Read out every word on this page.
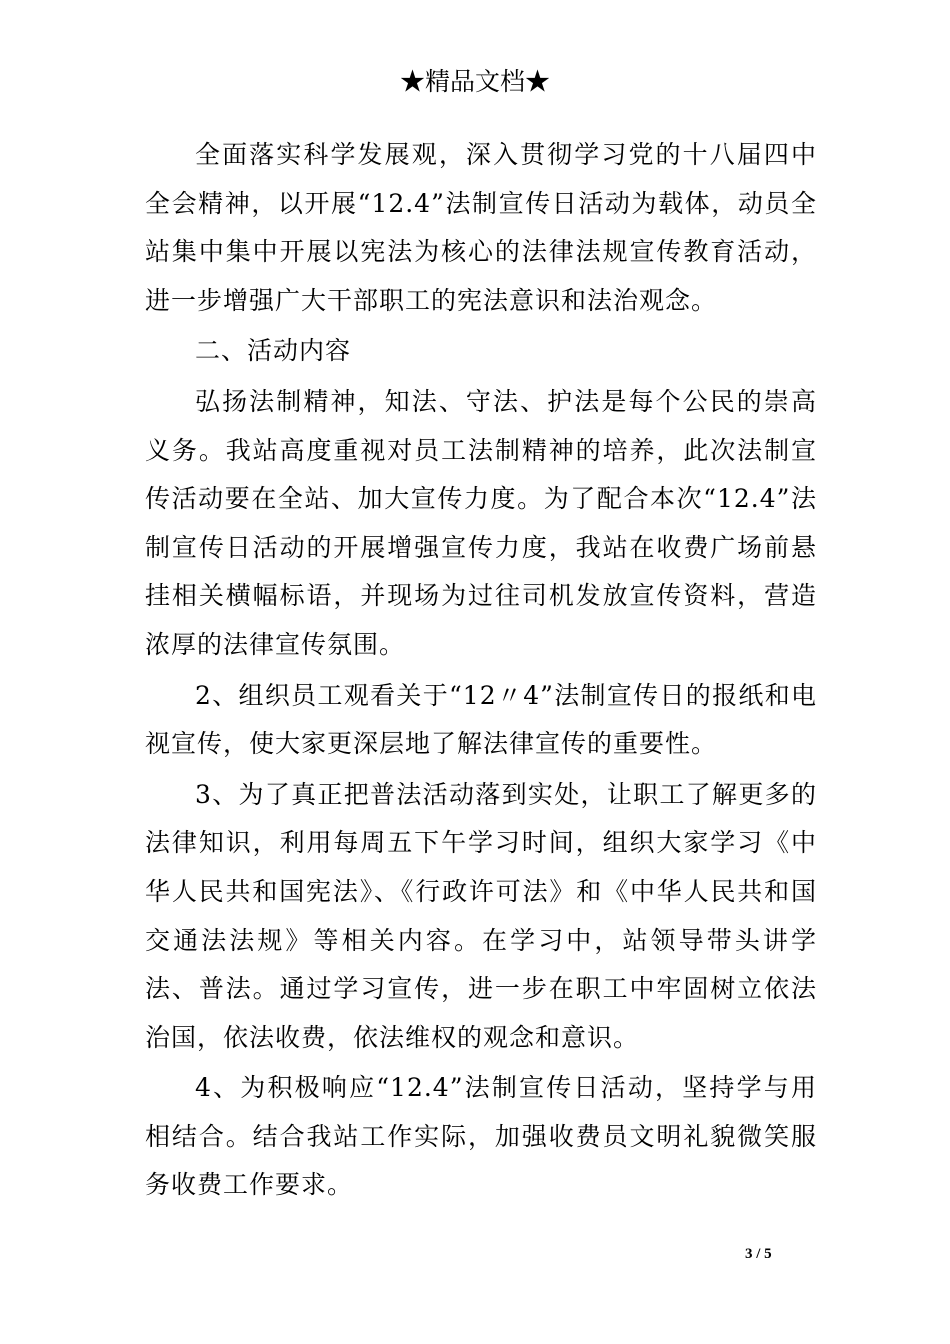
★精品文档★

全面落实科学发展观，深入贯彻学习党的十八届四中全会精神，以开展“12.4”法制宣传日活动为载体，动员全站集中集中开展以宪法为核心的法律法规宣传教育活动，进一步增强广大干部职工的宪法意识和法治观念。

二、活动内容

弘扬法制精神，知法、守法、护法是每个公民的崇高义务。我站高度重视对员工法制精神的培养，此次法制宣传活动要在全站、加大宣传力度。为了配合本次“12.4”法制宣传日活动的开展增强宣传力度，我站在收费广场前悬挂相关横幅标语，并现场为过往司机发放宣传资料，营造浓厚的法律宣传氛围。

2、组织员工观看关于“12〃4”法制宣传日的报纸和电视宣传，使大家更深层地了解法律宣传的重要性。

3、为了真正把普法活动落到实处，让职工了解更多的法律知识，利用每周五下午学习时间，组织大家学习《中华人民共和国宪法》、《行政许可法》和《中华人民共和国交通法法规》等相关内容。在学习中，站领导带头讲学法、普法。通过学习宣传，进一步在职工中牢固树立依法治国，依法收费，依法维权的观念和意识。

4、为积极响应“12.4”法制宣传日活动，坚持学与用相结合。结合我站工作实际，加强收费员文明礼貌微笑服务收费工作要求。

3 / 5
